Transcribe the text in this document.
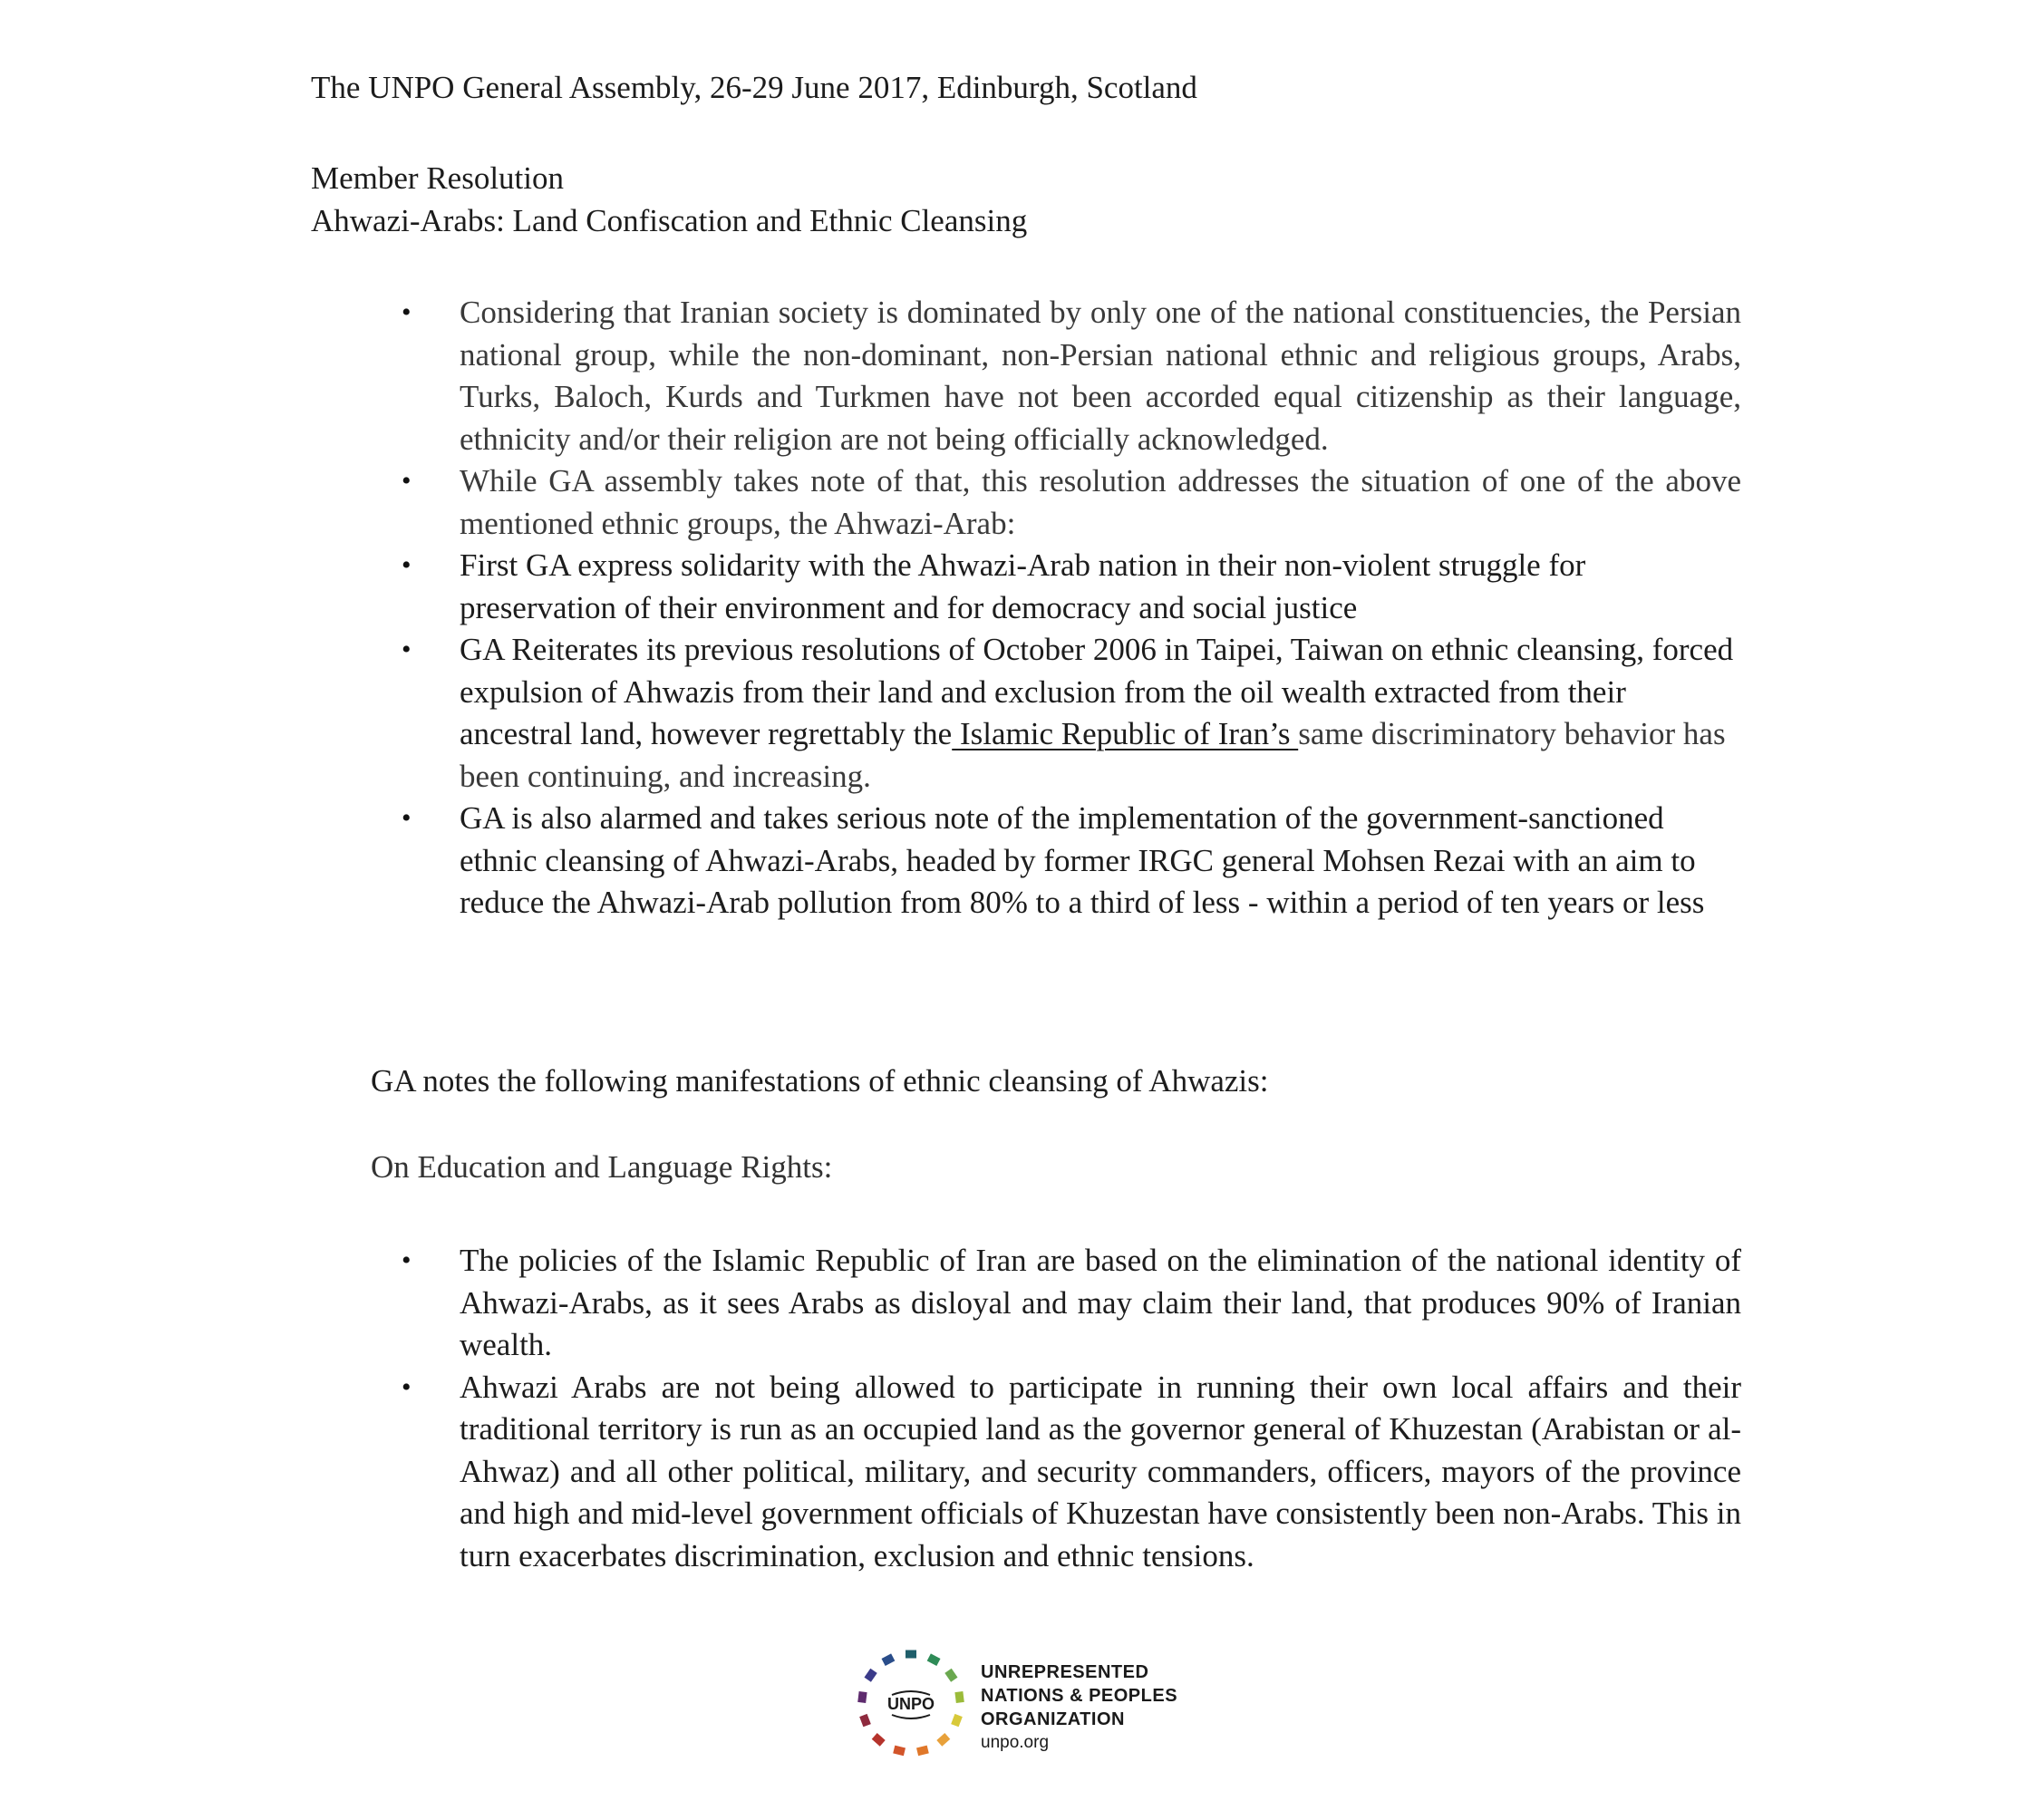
The UNPO General Assembly, 26-29 June 2017, Edinburgh, Scotland
Member Resolution
Ahwazi-Arabs: Land Confiscation and Ethnic Cleansing
• Considering that Iranian society is dominated by only one of the national constituencies, the Persian national group, while the non-dominant, non-Persian national ethnic and religious groups, Arabs, Turks, Baloch, Kurds and Turkmen have not been accorded equal citizenship as their language, ethnicity and/or their religion are not being officially acknowledged.
• While GA assembly takes note of that, this resolution addresses the situation of one of the above mentioned ethnic groups, the Ahwazi-Arab:
• First GA express solidarity with the Ahwazi-Arab nation in their non-violent struggle for preservation of their environment and for democracy and social justice
• GA Reiterates its previous resolutions of October 2006 in Taipei, Taiwan on ethnic cleansing, forced expulsion of Ahwazis from their land and exclusion from the oil wealth extracted from their ancestral land, however regrettably the Islamic Republic of Iran’s same discriminatory behavior has been continuing, and increasing.
• GA is also alarmed and takes serious note of the implementation of the government-sanctioned ethnic cleansing of Ahwazi-Arabs, headed by former IRGC general Mohsen Rezai with an aim to reduce the Ahwazi-Arab pollution from 80% to a third of less - within a period of ten years or less
GA notes the following manifestations of ethnic cleansing of Ahwazis:
On Education and Language Rights:
• The policies of the Islamic Republic of Iran are based on the elimination of the national identity of Ahwazi-Arabs, as it sees Arabs as disloyal and may claim their land, that produces 90% of Iranian wealth.
• Ahwazi Arabs are not being allowed to participate in running their own local affairs and their traditional territory is run as an occupied land as the governor general of Khuzestan (Arabistan or al-Ahwaz) and all other political, military, and security commanders, officers, mayors of the province and high and mid-level government officials of Khuzestan have consistently been non-Arabs. This in turn exacerbates discrimination, exclusion and ethnic tensions.
UNPO
UNREPRESENTED
NATIONS & PEOPLES
ORGANIZATION
unpo.org
